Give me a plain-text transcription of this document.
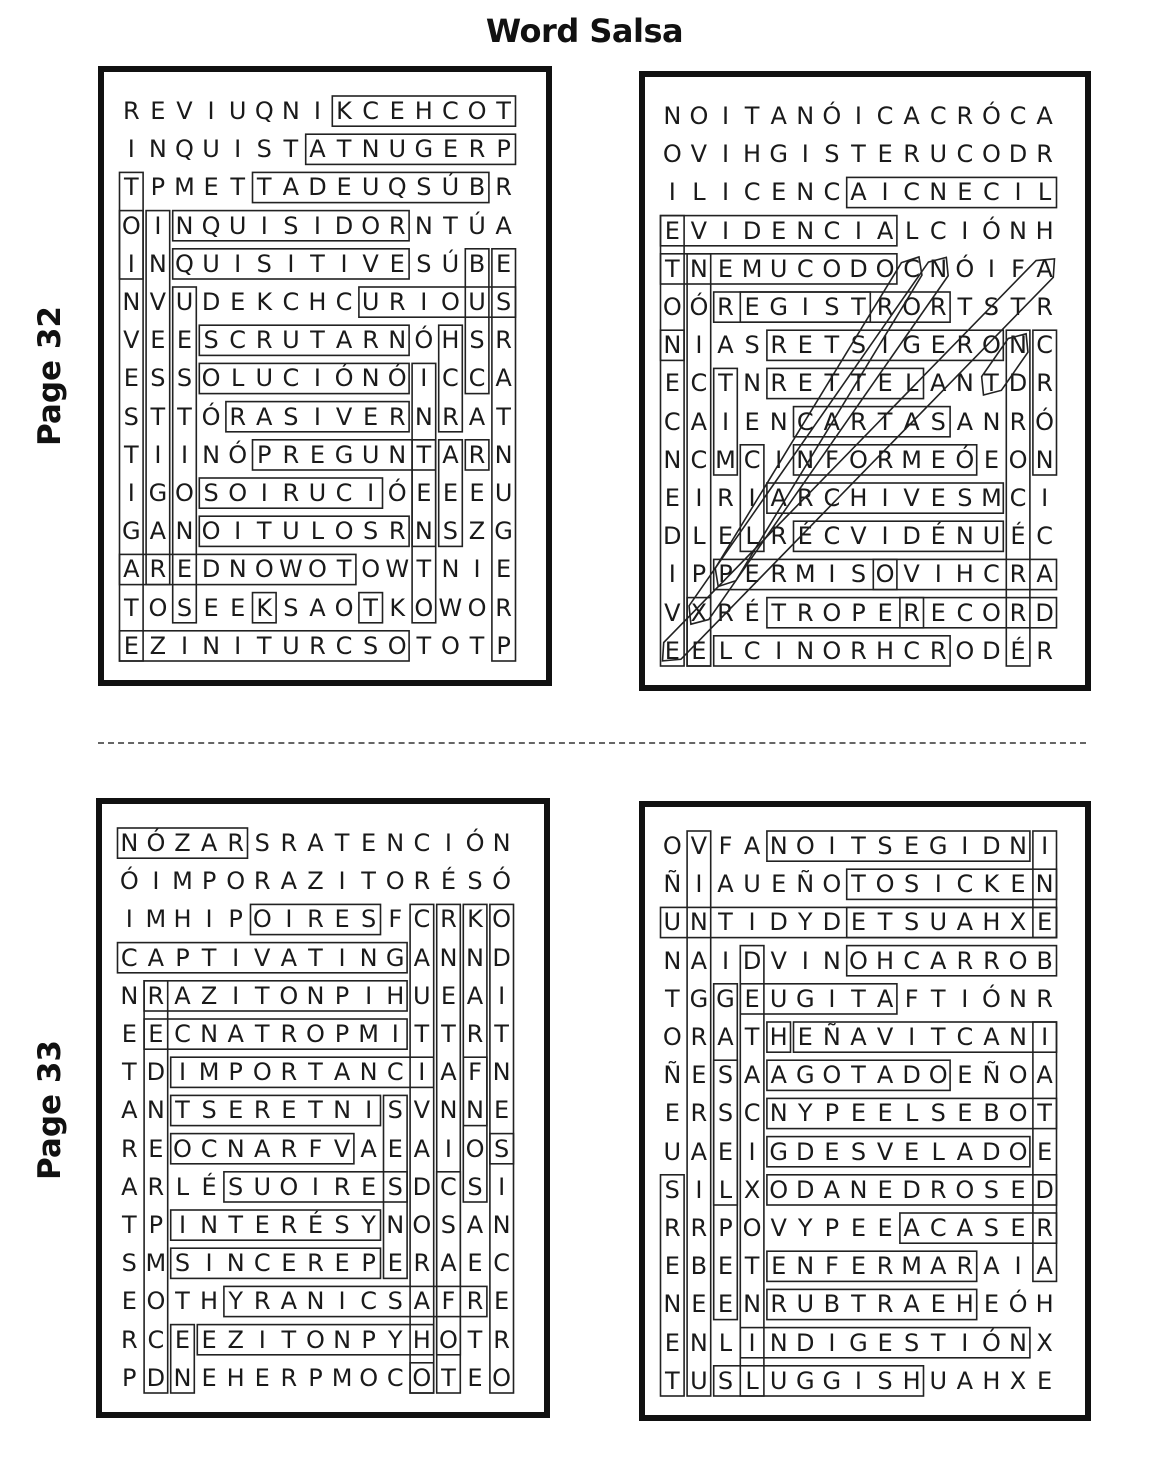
Word Salsa
Page 32
Page 33
R E V I U Q N I K C E H C O T
I N Q U I S T A T N U G E R P
T P M E T T A D E U Q S Ú B R
O I N Q U I S I D O R N T Ú A
I N Q U I S I T I V E S Ú B E
N V U D E K C H C U R I O U S
V E E S C R U T A R N Ó H S R
E S S O L U C I Ó N Ó I C C A
S T T Ó R A S I V E R N R A T
T I I N Ó P R E G U N T A R N
I G O S O I R U C I Ó E E E U
G A N O I T U L O S R N S Z G
A R E D N O W O T O W T N I E
T O S E E K S A O T K O W O R
E Z I N I T U R C S O T O T P
N O I T A N Ó I C A C R Ó C A
O V I H G I S T E R U C O D R
I L I C E N C A I C N E C I L
E V I D E N C I A L C I Ó N H
T N E M U C O D O C N Ó I F A
O Ó R E G I S T R O R T S T R
N I A S R E T S I G E R O N C
E C T N R E T T E L A N T D R
C A I E N C A R T A S A N R Ó
N C M C I N F O R M E Ó E O N
E I R I A R C H I V E S M C I
D L E L R É C V I D É N U É C
I P P E R M I S O V I H C R A
V X R É T R O P E R E C O R D
E E L C I N O R H C R O D É R
N Ó Z A R S R A T E N C I Ó N
Ó I M P O R A Z I T O R É S Ó
I M H I P O I R E S F C R K O
C A P T I V A T I N G A N N D
N R A Z I T O N P I H U E A I
E E C N A T R O P M I T T R T
T D I M P O R T A N C I A F N
A N T S E R E T N I S V N N E
R E O C N A R F V A E A I O S
A R L É S U O I R E S D C S I
T P I N T E R É S Y N O S A N
S M S I N C E R E P E R A E C
E O T H Y R A N I C S A F R E
R C E E Z I T O N P Y H O T R
P D N E H E R P M O C O T E O
O V F A N O I T S E G I D N I
Ñ I A U E Ñ O T O S I C K E N
U N T I D Y D E T S U A H X E
N A I D V I N O H C A R R O B
T G G E U G I T A F T I Ó N R
O R A T H E Ñ A V I T C A N I
Ñ E S A A G O T A D O E Ñ O A
E R S C N Y P E E L S E B O T
U A E I G D E S V E L A D O E
S I L X O D A N E D R O S E D
R R P O V Y P E E A C A S E R
E B E T E N F E R M A R A I A
N E E N R U B T R A E H E Ó H
E N L I N D I G E S T I Ó N X
T U S L U G G I S H U A H X E
